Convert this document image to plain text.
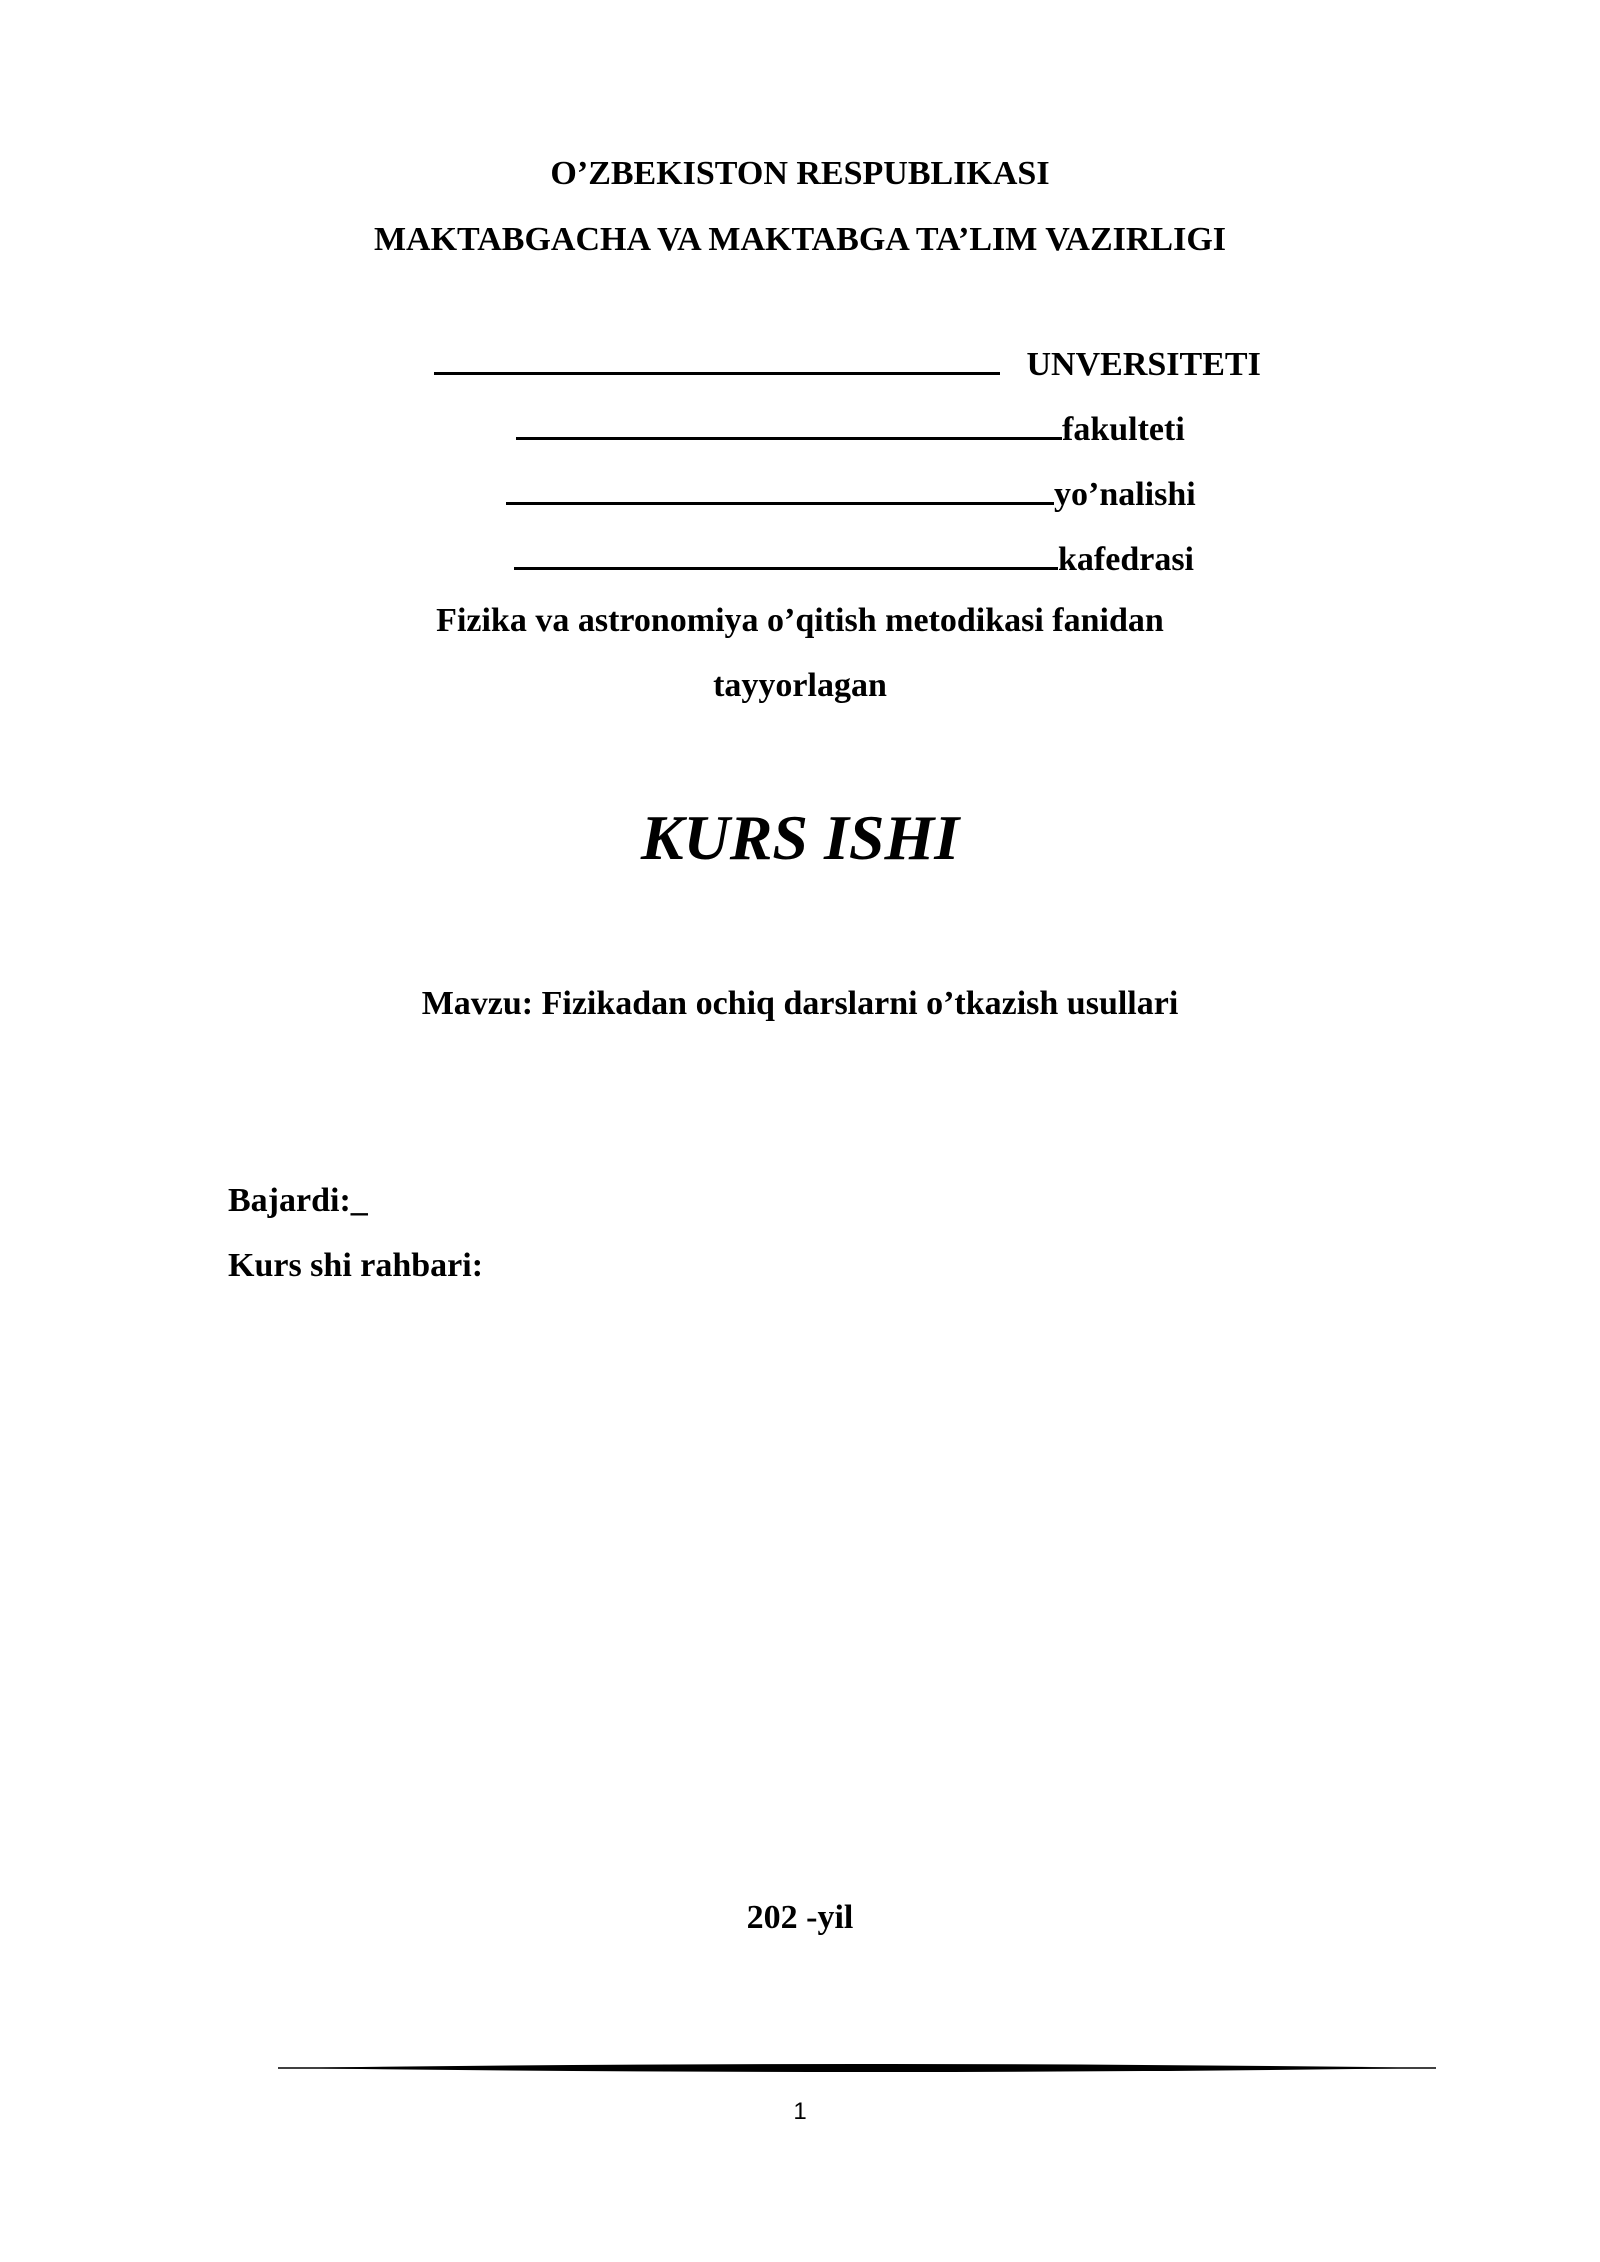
O’ZBEKISTON RESPUBLIKASI
MAKTABGACHA VA MAKTABGA TA’LIM VAZIRLIGI
UNVERSITETI
fakulteti
yo’nalishi
kafedrasi
Fizika va astronomiya o’qitish metodikasi fanidan
tayyorlagan
KURS ISHI
Mavzu: Fizikadan ochiq darslarni o’tkazish usullari
Bajardi:_
Kurs shi rahbari:
202 -yil
1
